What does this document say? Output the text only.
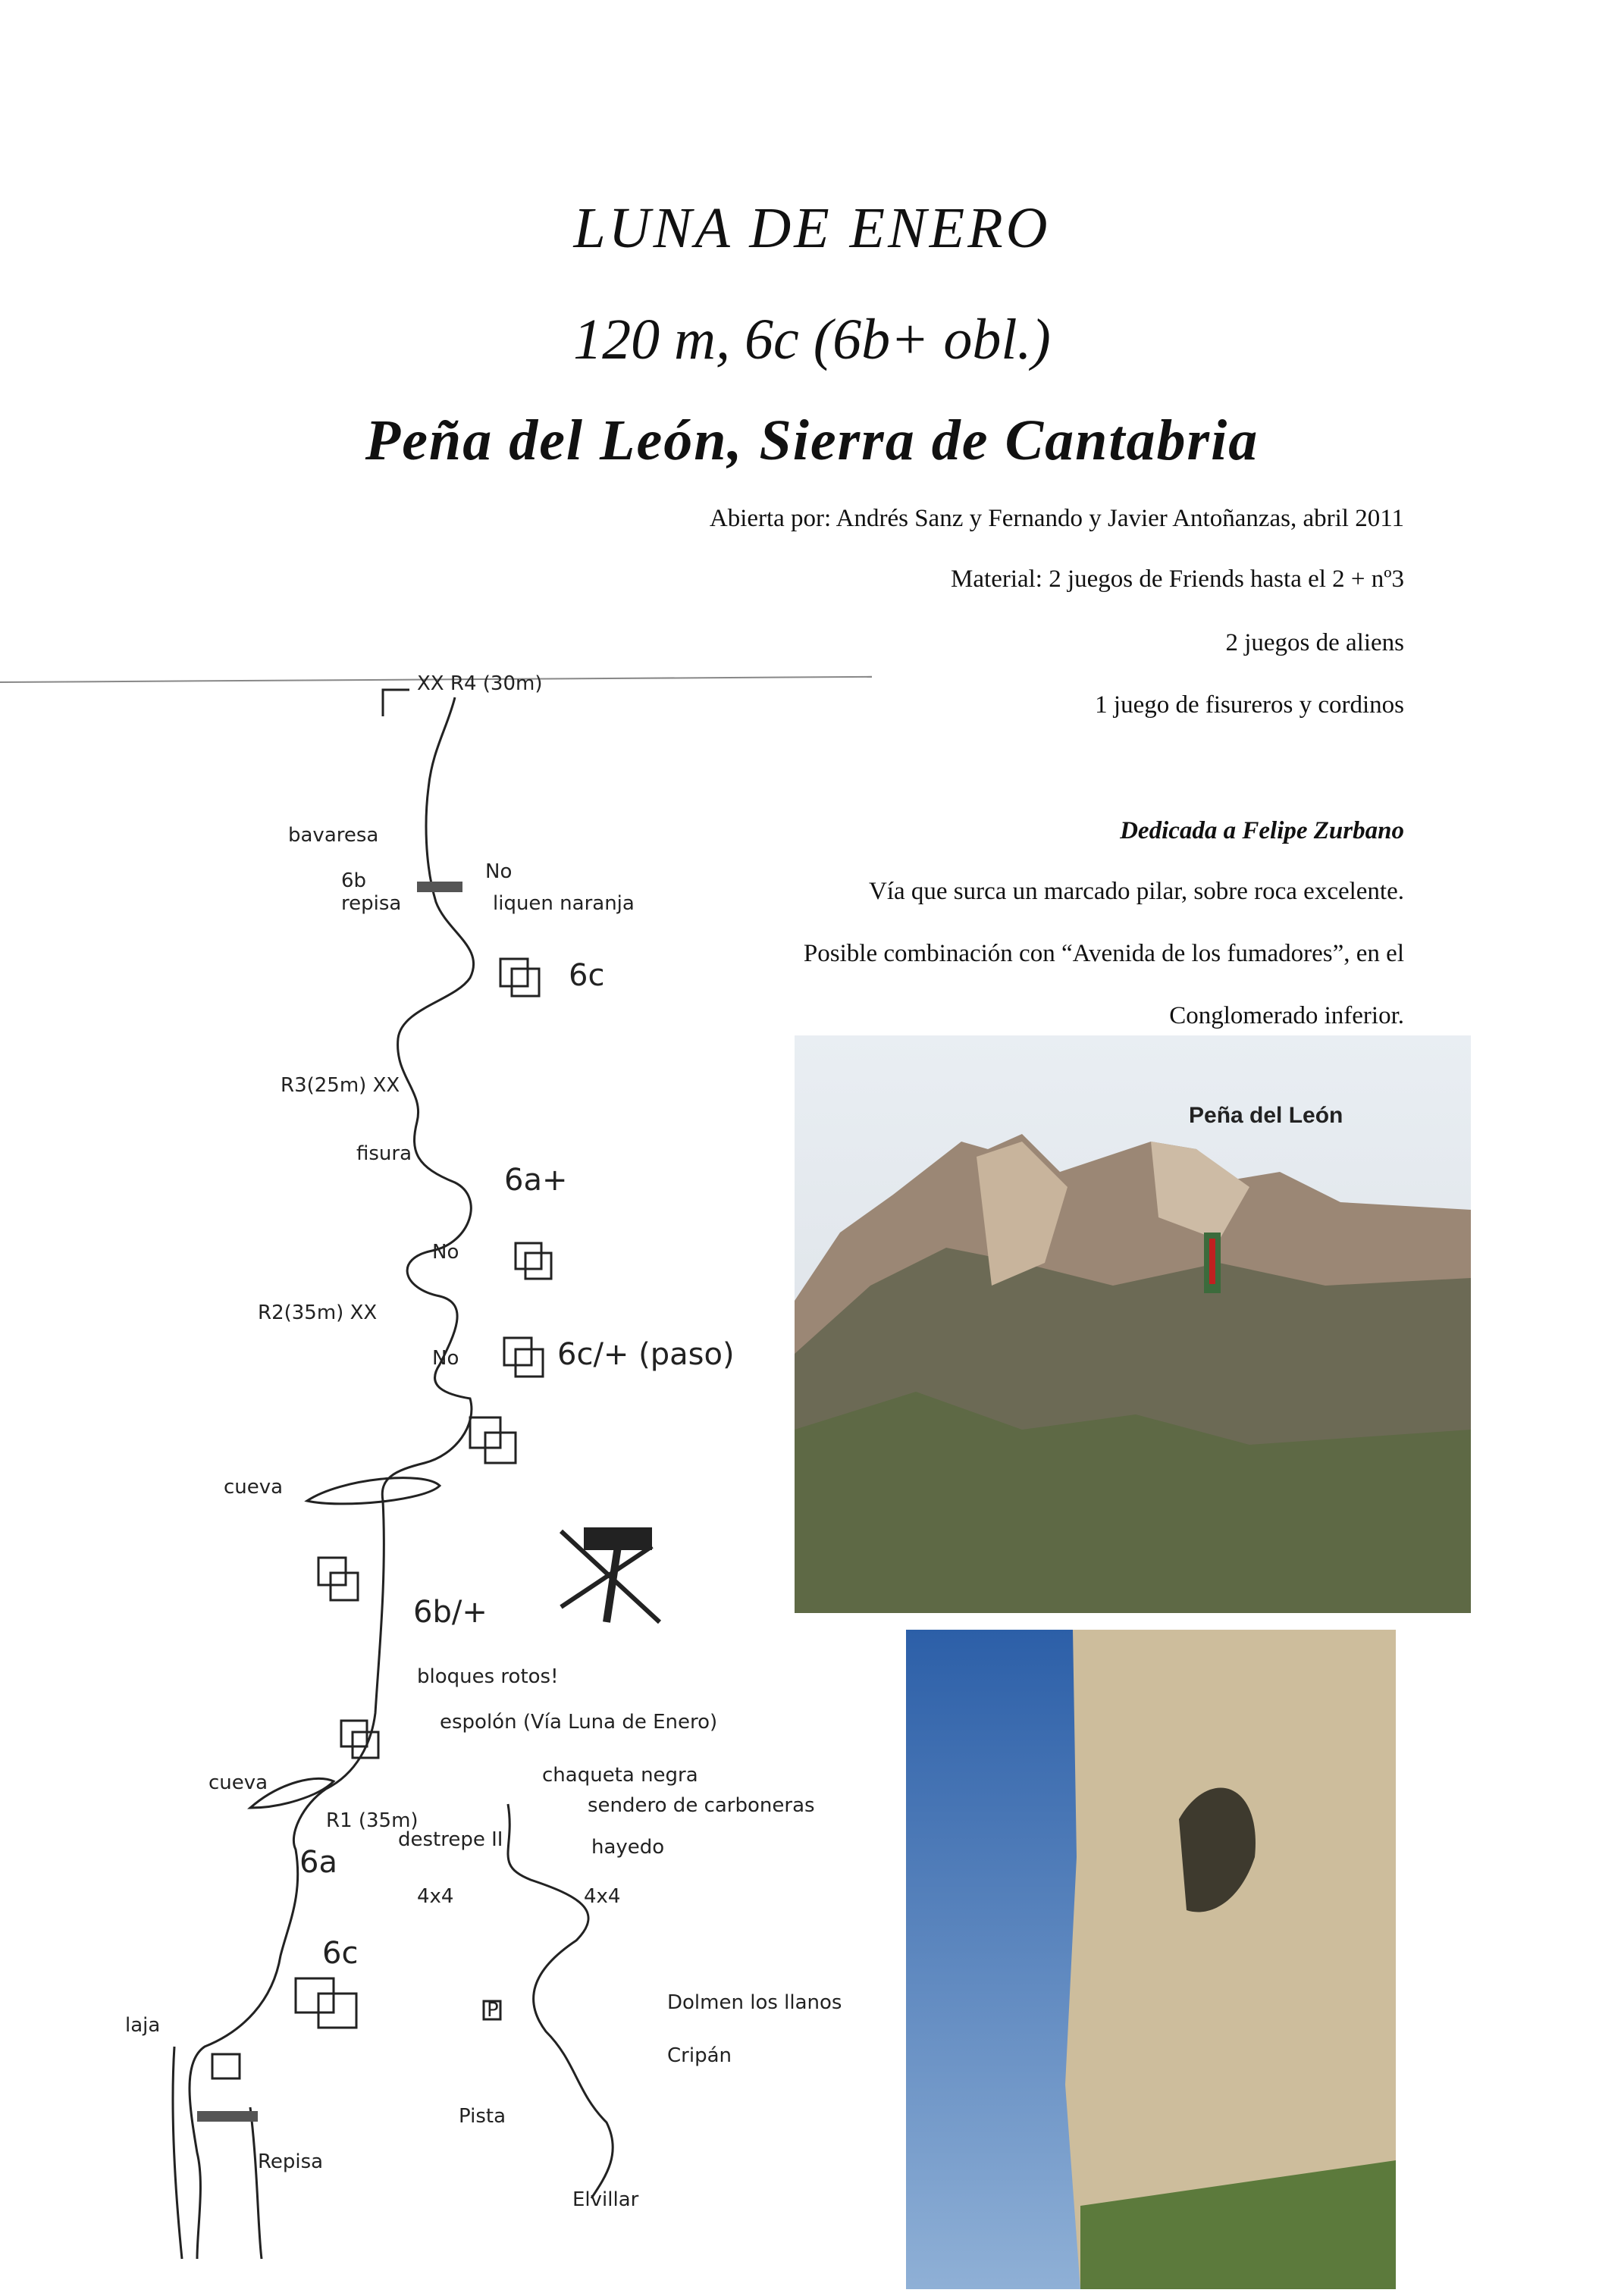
LUNA DE ENERO
120 m, 6c (6b+ obl.)
Peña del León, Sierra de Cantabria
Abierta por: Andrés Sanz y Fernando y Javier Antoñanzas, abril 2011
Material: 2 juegos de Friends hasta el 2 + nº3
2 juegos de aliens
1 juego de fisureros y cordinos
Dedicada a Felipe Zurbano
Vía que surca un marcado pilar, sobre roca excelente.
Posible combinación con “Avenida de los fumadores”, en el
Conglomerado inferior.
XX R4 (30m)
bavaresa
6b
repisa
No
liquen naranja
6c
R3(25m) XX
fisura
6a+
No
R2(35m) XX
No	6c/+ (paso)
cueva
6b/+
bloques rotos!
cueva
R1 (35m)
6a
6c
laja
Repisa
espolón (Vía Luna de Enero)
chaqueta negra
sendero de carboneras
destrepe II	hayedo
4x4	4x4
Dolmen los llanos
Cripán
Pista
Elvillar
P
Peña del León
